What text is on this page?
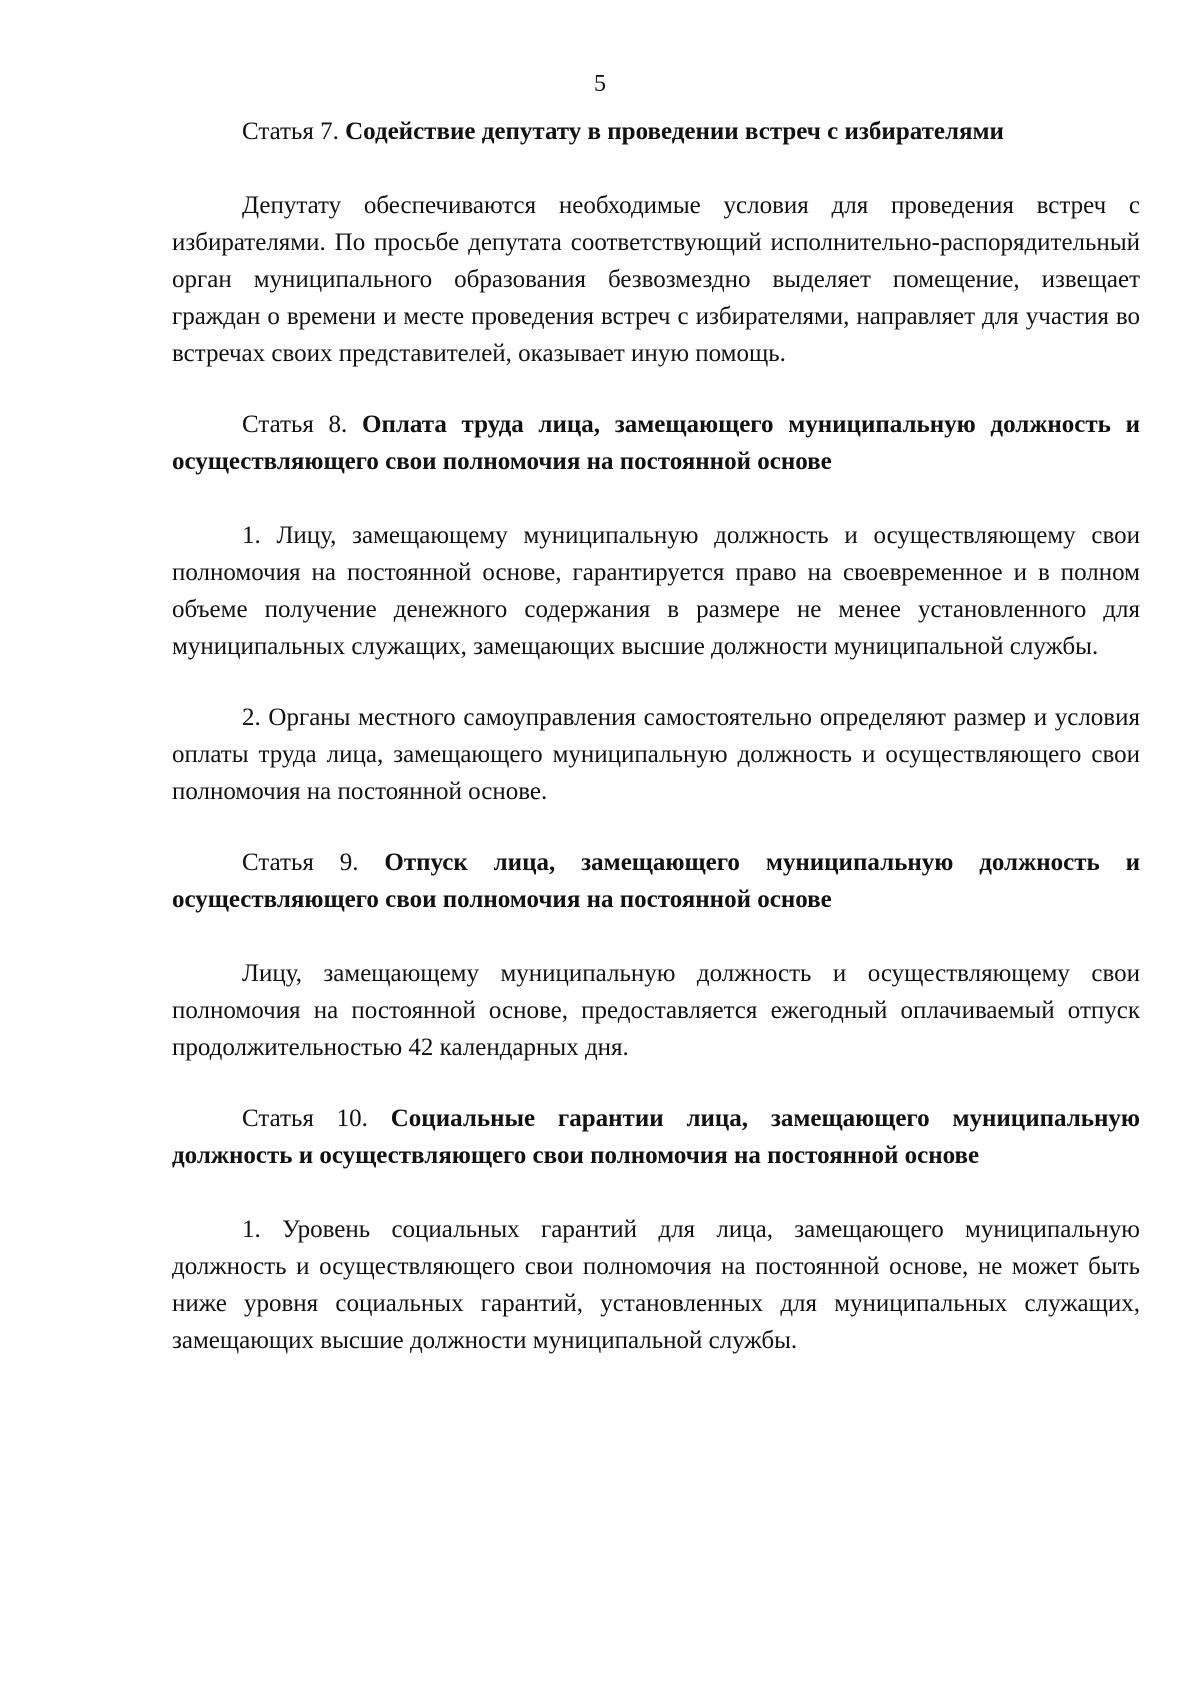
5

Статья 7. Содействие депутату в проведении встреч с избирателями

Депутату обеспечиваются необходимые условия для проведения встреч с избирателями. По просьбе депутата соответствующий исполнительно-распорядительный орган муниципального образования безвозмездно выделяет помещение, извещает граждан о времени и месте проведения встреч с избирателями, направляет для участия во встречах своих представителей, оказывает иную помощь.

Статья 8. Оплата труда лица, замещающего муниципальную должность и осуществляющего свои полномочия на постоянной основе

1. Лицу, замещающему муниципальную должность и осуществляющему свои полномочия на постоянной основе, гарантируется право на своевременное и в полном объеме получение денежного содержания в размере не менее установленного для муниципальных служащих, замещающих высшие должности муниципальной службы.

2. Органы местного самоуправления самостоятельно определяют размер и условия оплаты труда лица, замещающего муниципальную должность и осуществляющего свои полномочия на постоянной основе.

Статья 9. Отпуск лица, замещающего муниципальную должность и осуществляющего свои полномочия на постоянной основе

Лицу, замещающему муниципальную должность и осуществляющему свои полномочия на постоянной основе, предоставляется ежегодный оплачиваемый отпуск продолжительностью 42 календарных дня.

Статья 10. Социальные гарантии лица, замещающего муниципальную должность и осуществляющего свои полномочия на постоянной основе

1. Уровень социальных гарантий для лица, замещающего муниципальную должность и осуществляющего свои полномочия на постоянной основе, не может быть ниже уровня социальных гарантий, установленных для муниципальных служащих, замещающих высшие должности муниципальной службы.
